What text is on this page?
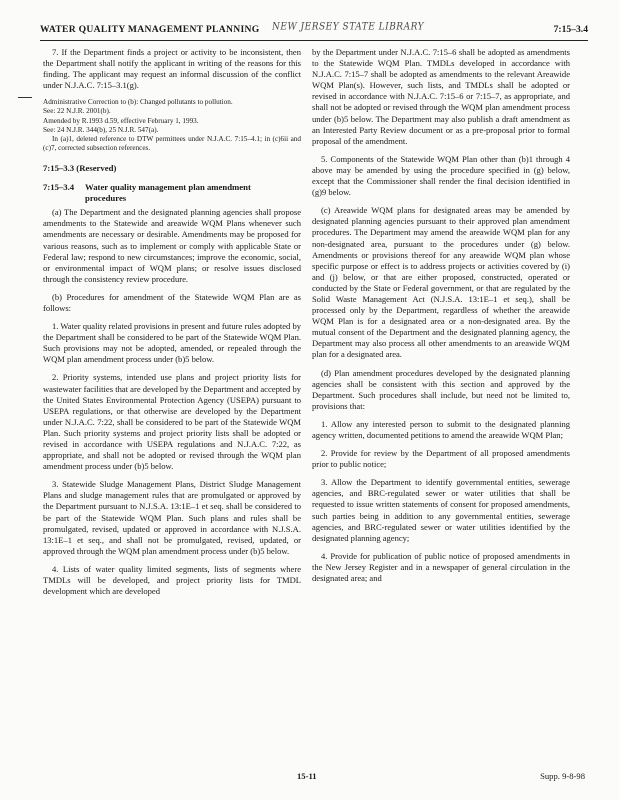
WATER QUALITY MANAGEMENT PLANNING NEW JERSEY STATE LIBRARY	7:15–3.4

7. If the Department finds a project or activity to be inconsistent, then the Department shall notify the applicant in writing of the reasons for this finding. The applicant may request an informal discussion of the conflict under N.J.A.C. 7:15–3.1(g).

Administrative Correction to (b): Changed pollutants to pollution.

See: 22 N.J.R. 2001(b).

Amended by R.1993 d.59, effective February 1, 1993.

See: 24 N.J.R. 344(b), 25 N.J.R. 547(a).

In (a)1, deleted reference to DTW permittees under N.J.A.C. 7:15–4.1; in (c)6ii and (c)7, corrected subsection references.

7:15–3.3 (Reserved)

7:15–3.4	Water quality management plan amendment
procedures

(a) The Department and the designated planning agencies shall propose amendments to the Statewide and areawide WQM Plans whenever such amendments are necessary or desirable. Amendments may be proposed for various reasons, such as to implement or comply with applicable State or Federal law; respond to new circumstances; improve the economic, social, or environmental impact of WQM plans; or resolve issues disclosed through the consistency review procedure.

(b) Procedures for amendment of the Statewide WQM Plan are as follows:

1. Water quality related provisions in present and future rules adopted by the Department shall be considered to be part of the Statewide WQM Plan. Such provisions may not be adopted, amended, or repealed through the WQM plan amendment process under (b)5 below.

2. Priority systems, intended use plans and project priority lists for wastewater facilities that are developed by the Department and accepted by the United States Environmental Protection Agency (USEPA) pursuant to USEPA regulations, or that otherwise are developed by the Department under N.J.A.C. 7:22, shall be considered to be part of the Statewide WQM Plan. Such priority systems and project priority lists shall be adopted or revised in accordance with USEPA regulations and N.J.A.C. 7:22, as appropriate, and shall not be adopted or revised through the WQM plan amendment process under (b)5 below.

3. Statewide Sludge Management Plans, District Sludge Management Plans and sludge management rules that are promulgated or approved by the Department pursuant to N.J.S.A. 13:1E–1 et seq. shall be considered to be part of the Statewide WQM Plan. Such plans and rules shall be promulgated, revised, updated or approved in accordance with N.J.S.A. 13:1E–1 et seq., and shall not be promulgated, revised, updated, or approved through the WQM plan amendment process under (b)5 below.

4. Lists of water quality limited segments, lists of segments where TMDLs will be developed, and project priority lists for TMDL development which are developed

by the Department under N.J.A.C. 7:15–6 shall be adopted as amendments to the Statewide WQM Plan. TMDLs developed in accordance with N.J.A.C. 7:15–7 shall be adopted as amendments to the relevant Areawide WQM Plan(s). However, such lists, and TMDLs shall be adopted or revised in accordance with N.J.A.C. 7:15–6 or 7:15–7, as appropriate, and shall not be adopted or revised through the WQM plan amendment process under (b)5 below. The Department may also publish a draft amendment as an Interested Party Review document or as a pre-proposal prior to formal proposal of the amendment.

5. Components of the Statewide WQM Plan other than (b)1 through 4 above may be amended by using the procedure specified in (g) below, except that the Commissioner shall render the final decision identified in (g)9 below.

(c) Areawide WQM plans for designated areas may be amended by designated planning agencies pursuant to their approved plan amendment procedures. The Department may amend the areawide WQM plan for any non-designated area, pursuant to the procedures under (g) below. Amendments or provisions thereof for any areawide WQM plan whose specific purpose or effect is to address projects or activities covered by (i) and (j) below, or that are either proposed, constructed, operated or conducted by the State or Federal government, or that are regulated by the Solid Waste Management Act (N.J.S.A. 13:1E–1 et seq.), shall be processed only by the Department, regardless of whether the areawide WQM Plan is for a designated area or a non-designated area. By the mutual consent of the Department and the designated planning agency, the Department may also process all other amendments to an areawide WQM plan for a designated area.

(d) Plan amendment procedures developed by the designated planning agencies shall be consistent with this section and approved by the Department. Such procedures shall include, but need not be limited to, provisions that:

1. Allow any interested person to submit to the designated planning agency written, documented petitions to amend the areawide WQM Plan;

2. Provide for review by the Department of all proposed amendments prior to public notice;

3. Allow the Department to identify governmental entities, sewerage agencies, and BRC-regulated sewer or water utilities that shall be requested to issue written statements of consent for proposed amendments, such parties being in addition to any governmental entities, sewerage agencies, and BRC-regulated sewer or water utilities identified by the designated planning agency;

4. Provide for publication of public notice of proposed amendments in the New Jersey Register and in a newspaper of general circulation in the designated area; and

15-11	Supp. 9-8-98
